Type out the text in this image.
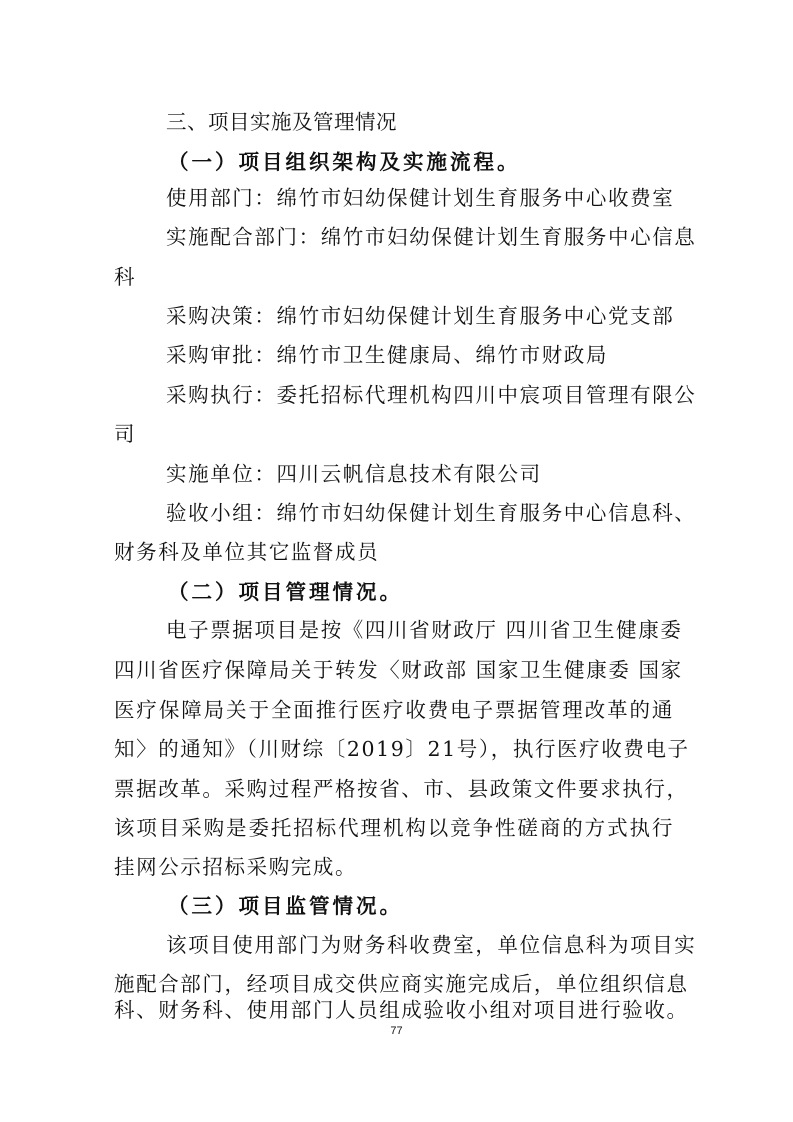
三、项目实施及管理情况
（一）项目组织架构及实施流程。
使用部门：绵竹市妇幼保健计划生育服务中心收费室
实施配合部门：绵竹市妇幼保健计划生育服务中心信息
科
采购决策：绵竹市妇幼保健计划生育服务中心党支部
采购审批：绵竹市卫生健康局、绵竹市财政局
采购执行：委托招标代理机构四川中宸项目管理有限公
司
实施单位：四川云帆信息技术有限公司
验收小组：绵竹市妇幼保健计划生育服务中心信息科、
财务科及单位其它监督成员
（二）项目管理情况。
电子票据项目是按《四川省财政厅 四川省卫生健康委
四川省医疗保障局关于转发〈财政部 国家卫生健康委 国家
医疗保障局关于全面推行医疗收费电子票据管理改革的通
知〉的通知》（川财综〔2019〕21号），执行医疗收费电子
票据改革。采购过程严格按省、市、县政策文件要求执行，
该项目采购是委托招标代理机构以竞争性磋商的方式执行
挂网公示招标采购完成。
（三）项目监管情况。
该项目使用部门为财务科收费室，单位信息科为项目实
施配合部门，经项目成交供应商实施完成后，单位组织信息
科、财务科、使用部门人员组成验收小组对项目进行验收。
77
